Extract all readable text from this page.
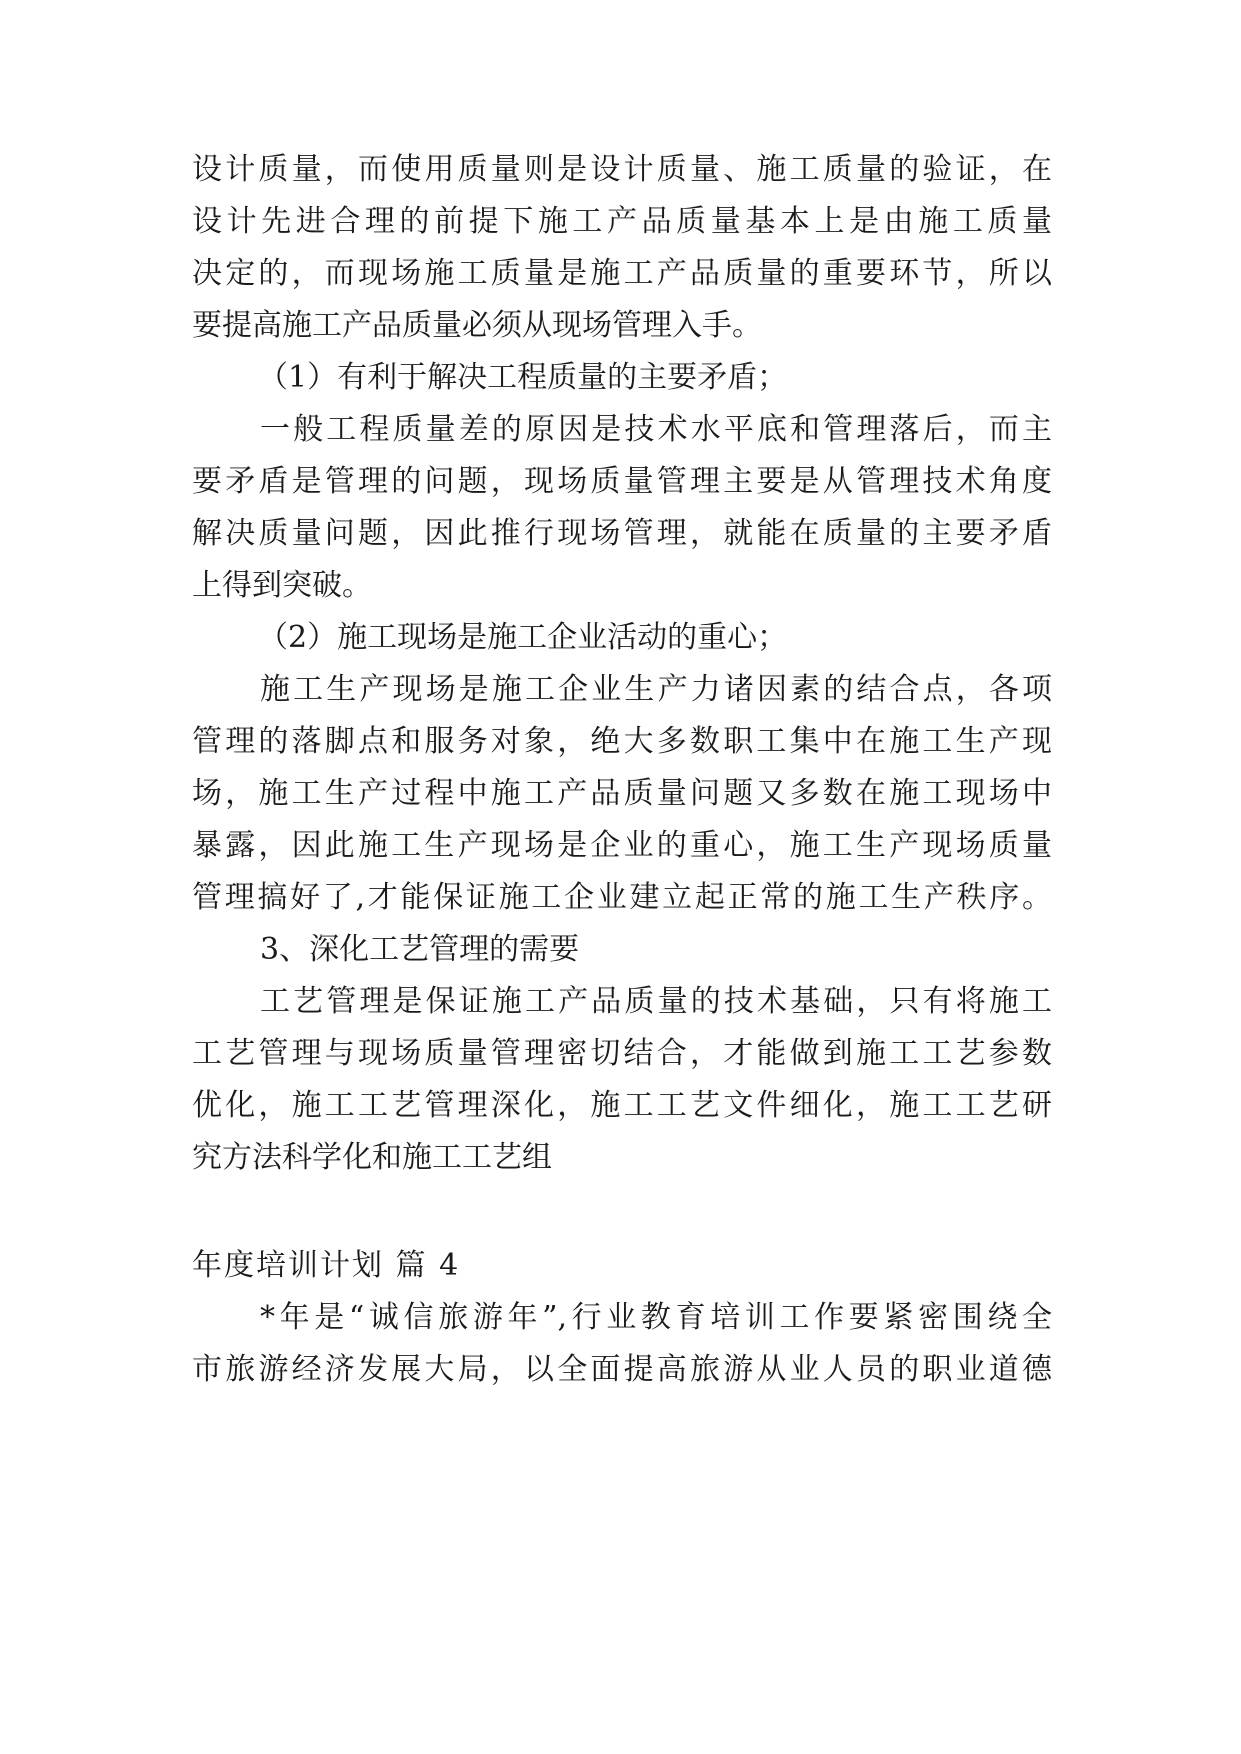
设计质量，而使用质量则是设计质量、施工质量的验证，在
设计先进合理的前提下施工产品质量基本上是由施工质量
决定的，而现场施工质量是施工产品质量的重要环节，所以
要提高施工产品质量必须从现场管理入手。
（1）有利于解决工程质量的主要矛盾；
一般工程质量差的原因是技术水平底和管理落后，而主
要矛盾是管理的问题，现场质量管理主要是从管理技术角度
解决质量问题，因此推行现场管理，就能在质量的主要矛盾
上得到突破。
（2）施工现场是施工企业活动的重心；
施工生产现场是施工企业生产力诸因素的结合点，各项
管理的落脚点和服务对象，绝大多数职工集中在施工生产现
场，施工生产过程中施工产品质量问题又多数在施工现场中
暴露，因此施工生产现场是企业的重心，施工生产现场质量
管理搞好了,才能保证施工企业建立起正常的施工生产秩序。
3、深化工艺管理的需要
工艺管理是保证施工产品质量的技术基础，只有将施工
工艺管理与现场质量管理密切结合，才能做到施工工艺参数
优化，施工工艺管理深化，施工工艺文件细化，施工工艺研
究方法科学化和施工工艺组
年度培训计划 篇 4
*年是“诚信旅游年”,行业教育培训工作要紧密围绕全
市旅游经济发展大局，以全面提高旅游从业人员的职业道德
